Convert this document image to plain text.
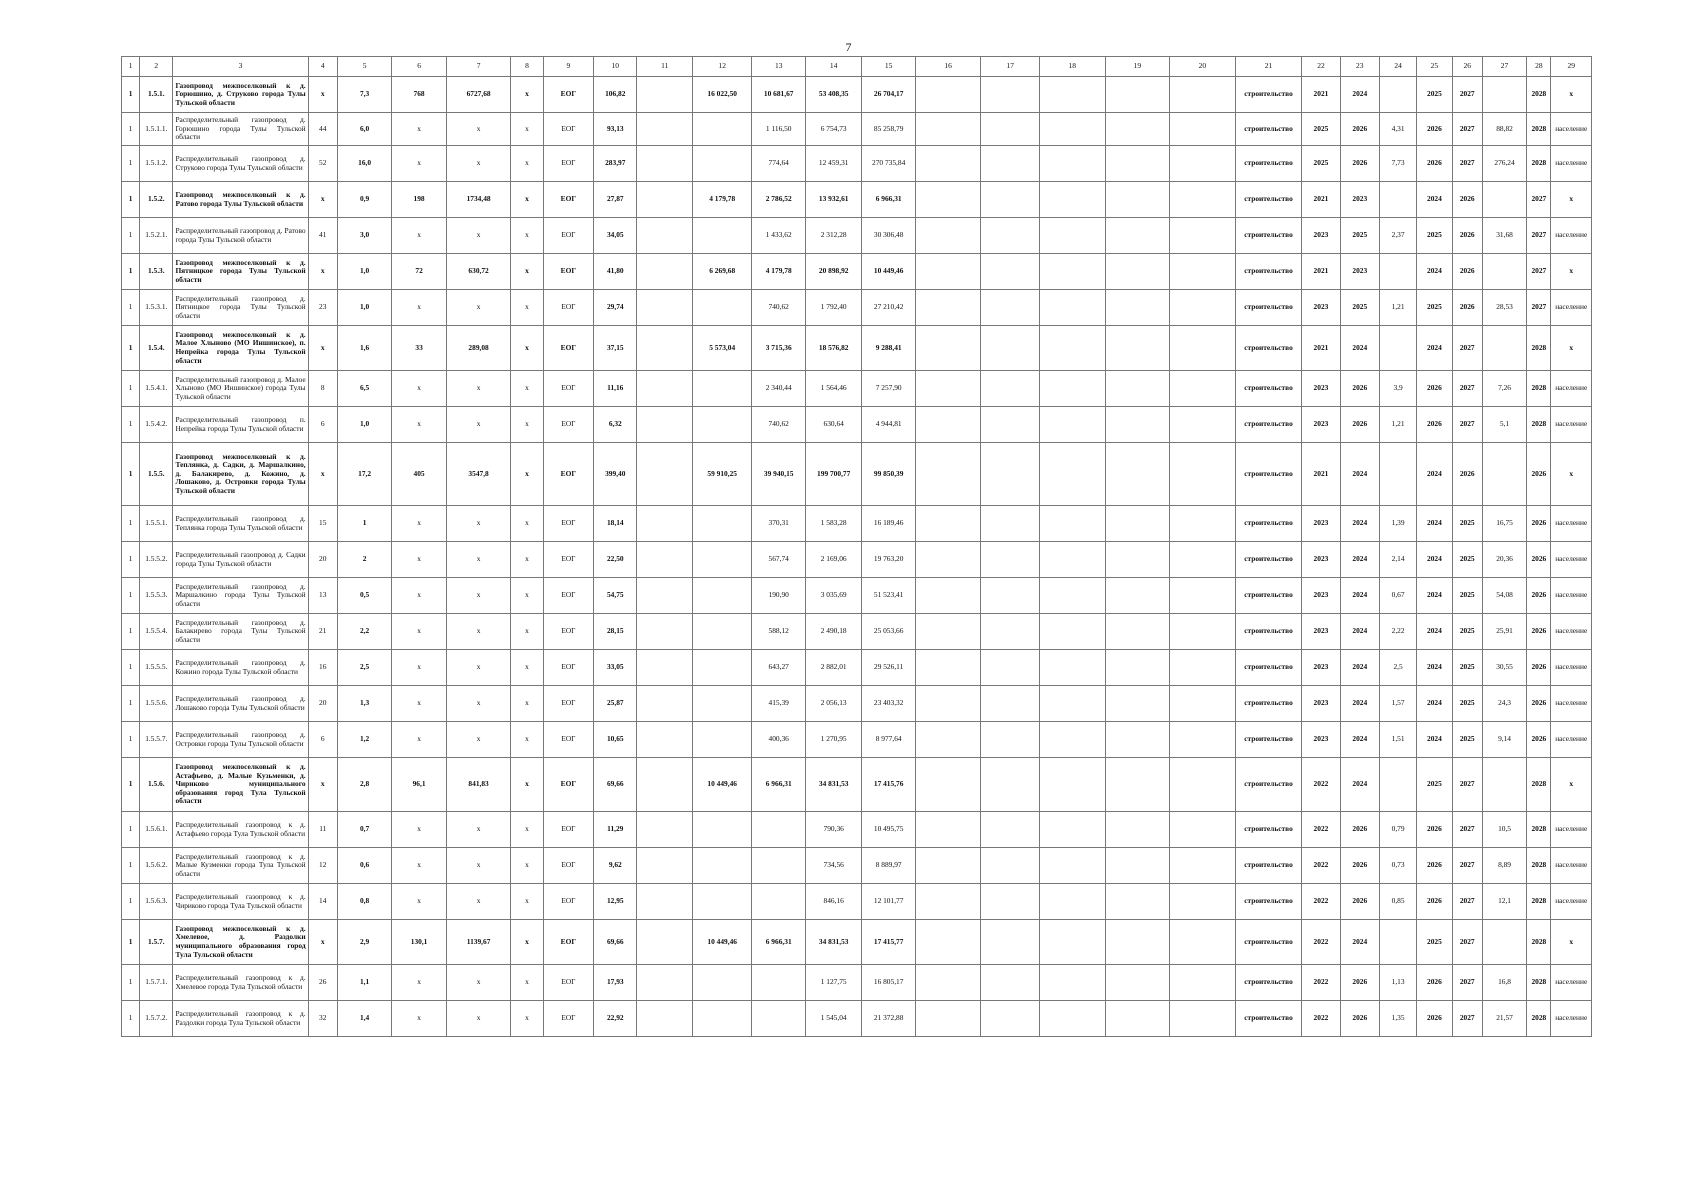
7
1	2	3	4	5	6	7	8	9	10	11	12	13	14	15	16	17	18	19	20	21	22	23	24	25	26	27	28	29
1	1.5.1.	Газопровод межпоселковый к д. Горюшино, д. Струково города Тулы Тульской области	х	7,3	768	6727,68	х	ЕОГ	106,82		16 022,50	10 681,67	53 408,35	26 704,17						строительство	2021	2024		2025	2027		2028	х
1	1.5.1.1.	Распределительный газопровод д. Горюшино города Тулы Тульской области	44	6,0	х	х	х	ЕОГ	93,13			1 116,50	6 754,73	85 258,79						строительство	2025	2026	4,31	2026	2027	88,82	2028	население
1	1.5.1.2.	Распределительный газопровод д. Струково города Тулы Тульской области	52	16,0	х	х	х	ЕОГ	283,97			774,64	12 459,31	270 735,84						строительство	2025	2026	7,73	2026	2027	276,24	2028	население
1	1.5.2.	Газопровод межпоселковый к д. Ратово города Тулы Тульской области	х	0,9	198	1734,48	х	ЕОГ	27,87		4 179,78	2 786,52	13 932,61	6 966,31						строительство	2021	2023		2024	2026		2027	х
1	1.5.2.1.	Распределительный газопровод д. Ратово города Тулы Тульской области	41	3,0	х	х	х	ЕОГ	34,05			1 433,62	2 312,28	30 306,48						строительство	2023	2025	2,37	2025	2026	31,68	2027	население
1	1.5.3.	Газопровод межпоселковый к д. Пятницкое города Тулы Тульской области	х	1,0	72	630,72	х	ЕОГ	41,80		6 269,68	4 179,78	20 898,92	10 449,46						строительство	2021	2023		2024	2026		2027	х
1	1.5.3.1.	Распределительный газопровод д. Пятницкое города Тулы Тульской области	23	1,0	х	х	х	ЕОГ	29,74			740,62	1 792,40	27 210,42						строительство	2023	2025	1,21	2025	2026	28,53	2027	население
1	1.5.4.	Газопровод межпоселковый к д. Малое Хлыново (МО Иншинское), п. Непрейка города Тулы Тульской области	х	1,6	33	289,08	х	ЕОГ	37,15		5 573,04	3 715,36	18 576,82	9 288,41						строительство	2021	2024		2024	2027		2028	х
1	1.5.4.1.	Распределительный газопровод д. Малое Хлыново (МО Иншинское) города Тулы Тульской области	8	6,5	х	х	х	ЕОГ	11,16			2 340,44	1 564,46	7 257,90						строительство	2023	2026	3,9	2026	2027	7,26	2028	население
1	1.5.4.2.	Распределительный газопровод п. Непрейка города Тулы Тульской области	6	1,0	х	х	х	ЕОГ	6,32			740,62	630,64	4 944,81						строительство	2023	2026	1,21	2026	2027	5,1	2028	население
1	1.5.5.	Газопровод межпоселковый к д. Теплянка, д. Садки, д. Маршалкино, д. Балакирево, д. Кожино, д. Лошаково, д. Островки города Тулы Тульской области	х	17,2	405	3547,8	х	ЕОГ	399,40		59 910,25	39 940,15	199 700,77	99 850,39						строительство	2021	2024		2024	2026		2026	х
1	1.5.5.1.	Распределительный газопровод д. Теплянка города Тулы Тульской области	15	1	х	х	х	ЕОГ	18,14			370,31	1 583,28	16 189,46						строительство	2023	2024	1,39	2024	2025	16,75	2026	население
1	1.5.5.2.	Распределительный газопровод д. Садки города Тулы Тульской области	20	2	х	х	х	ЕОГ	22,50			567,74	2 169,06	19 763,20						строительство	2023	2024	2,14	2024	2025	20,36	2026	население
1	1.5.5.3.	Распределительный газопровод д. Маршалкино города Тулы Тульской области	13	0,5	х	х	х	ЕОГ	54,75			190,90	3 035,69	51 523,41						строительство	2023	2024	0,67	2024	2025	54,08	2026	население
1	1.5.5.4.	Распределительный газопровод д. Балакирево города Тулы Тульской области	21	2,2	х	х	х	ЕОГ	28,15			588,12	2 490,18	25 053,66						строительство	2023	2024	2,22	2024	2025	25,91	2026	население
1	1.5.5.5.	Распределительный газопровод д. Кожино города Тулы Тульской области	16	2,5	х	х	х	ЕОГ	33,05			643,27	2 882,01	29 526,11						строительство	2023	2024	2,5	2024	2025	30,55	2026	население
1	1.5.5.6.	Распределительный газопровод д. Лошаково города Тулы Тульской области	20	1,3	х	х	х	ЕОГ	25,87			415,39	2 056,13	23 403,32						строительство	2023	2024	1,57	2024	2025	24,3	2026	население
1	1.5.5.7.	Распределительный газопровод д. Островки города Тулы Тульской области	6	1,2	х	х	х	ЕОГ	10,65			400,36	1 270,95	8 977,64						строительство	2023	2024	1,51	2024	2025	9,14	2026	население
1	1.5.6.	Газопровод межпоселковый к д. Астафьево, д. Малые Кузьменки, д. Чириково муниципального образования город Тула Тульской области	х	2,8	96,1	841,83	х	ЕОГ	69,66		10 449,46	6 966,31	34 831,53	17 415,76						строительство	2022	2024		2025	2027		2028	х
1	1.5.6.1.	Распределительный газопровод к д. Астафьево города Тула Тульской области	11	0,7	х	х	х	ЕОГ	11,29				790,36	10 495,75						строительство	2022	2026	0,79	2026	2027	10,5	2028	население
1	1.5.6.2.	Распределительный газопровод к д. Малые Кузменки города Тула Тульской области	12	0,6	х	х	х	ЕОГ	9,62				734,56	8 889,97						строительство	2022	2026	0,73	2026	2027	8,89	2028	население
1	1.5.6.3.	Распределительный газопровод к д. Чириково города Тула Тульской области	14	0,8	х	х	х	ЕОГ	12,95				846,16	12 101,77						строительство	2022	2026	0,85	2026	2027	12,1	2028	население
1	1.5.7.	Газопровод межпоселковый к д. Хмелевое, д. Раздолки муниципального образования город Тула Тульской области	х	2,9	130,1	1139,67	х	ЕОГ	69,66		10 449,46	6 966,31	34 831,53	17 415,77						строительство	2022	2024		2025	2027		2028	х
1	1.5.7.1.	Распределительный газопровод к д. Хмелевое города Тула Тульской области	26	1,1	х	х	х	ЕОГ	17,93				1 127,75	16 805,17						строительство	2022	2026	1,13	2026	2027	16,8	2028	население
1	1.5.7.2.	Распределительный газопровод к д. Раздолки города Тула Тульской области	32	1,4	х	х	х	ЕОГ	22,92				1 545,04	21 372,88						строительство	2022	2026	1,35	2026	2027	21,57	2028	население
